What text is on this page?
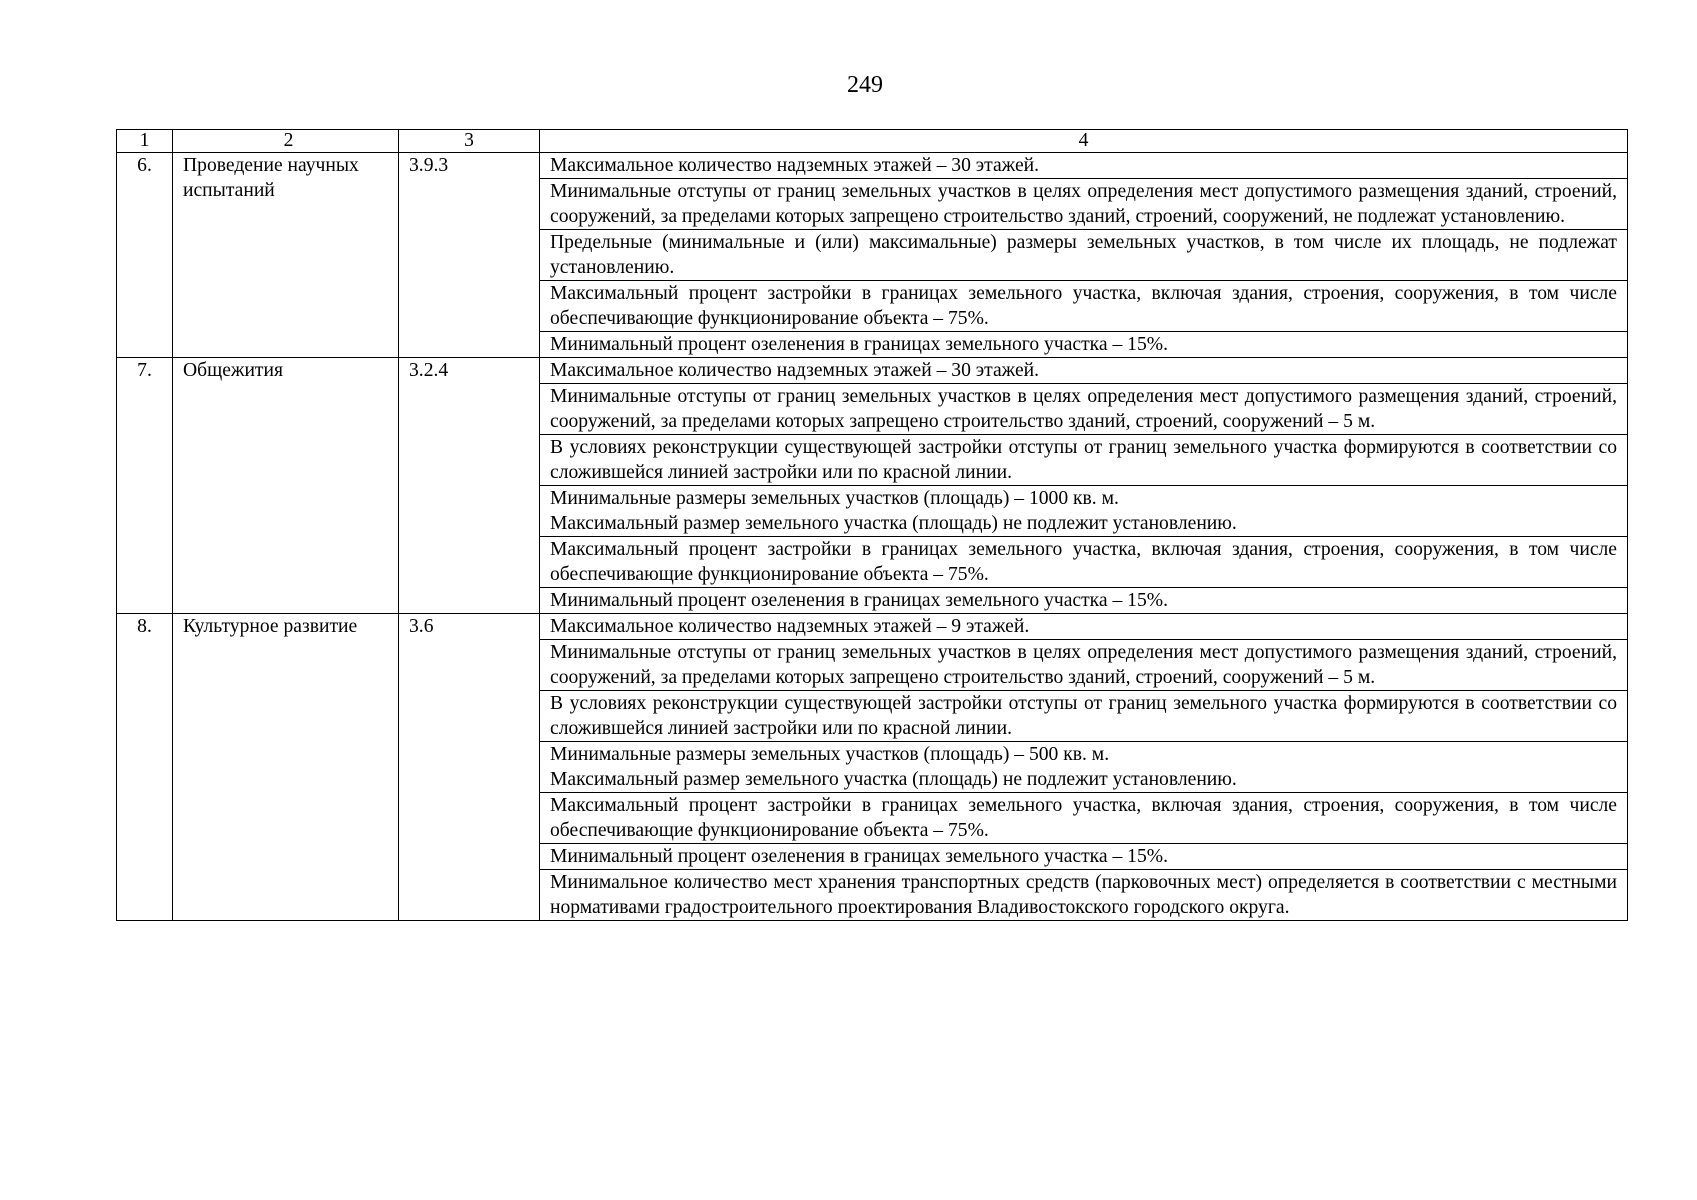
249
1	2	3	4
6.	Проведение научных испытаний	3.9.3	Максимальное количество надземных этажей – 30 этажей.

			Минимальные отступы от границ земельных участков в целях определения мест допустимого размещения зданий, строений, сооружений, за пределами которых запрещено строительство зданий, строений, сооружений, не подлежат установлению.

			Предельные (минимальные и (или) максимальные) размеры земельных участков, в том числе их площадь, не подлежат установлению.

			Максимальный процент застройки в границах земельного участка, включая здания, строения, сооружения, в том числе обеспечивающие функционирование объекта – 75%.

			Минимальный процент озеленения в границах земельного участка – 15%.

7.	Общежития	3.2.4	Максимальное количество надземных этажей – 30 этажей.

			Минимальные отступы от границ земельных участков в целях определения мест допустимого размещения зданий, строений, сооружений, за пределами которых запрещено строительство зданий, строений, сооружений – 5 м.

			В условиях реконструкции существующей застройки отступы от границ земельного участка формируются в соответствии со сложившейся линией застройки или по красной линии.

			Минимальные размеры земельных участков (площадь) – 1000 кв. м.
Максимальный размер земельного участка (площадь) не подлежит установлению.

			Максимальный процент застройки в границах земельного участка, включая здания, строения, сооружения, в том числе обеспечивающие функционирование объекта – 75%.

			Минимальный процент озеленения в границах земельного участка – 15%.

8.	Культурное развитие	3.6	Максимальное количество надземных этажей – 9 этажей.

			Минимальные отступы от границ земельных участков в целях определения мест допустимого размещения зданий, строений, сооружений, за пределами которых запрещено строительство зданий, строений, сооружений – 5 м.

			В условиях реконструкции существующей застройки отступы от границ земельного участка формируются в соответствии со сложившейся линией застройки или по красной линии.

			Минимальные размеры земельных участков (площадь) – 500 кв. м.
Максимальный размер земельного участка (площадь) не подлежит установлению.

			Максимальный процент застройки в границах земельного участка, включая здания, строения, сооружения, в том числе обеспечивающие функционирование объекта – 75%.

			Минимальный процент озеленения в границах земельного участка – 15%.

			Минимальное количество мест хранения транспортных средств (парковочных мест) определяется в соответствии с местными нормативами градостроительного проектирования Владивостокского городского округа.
